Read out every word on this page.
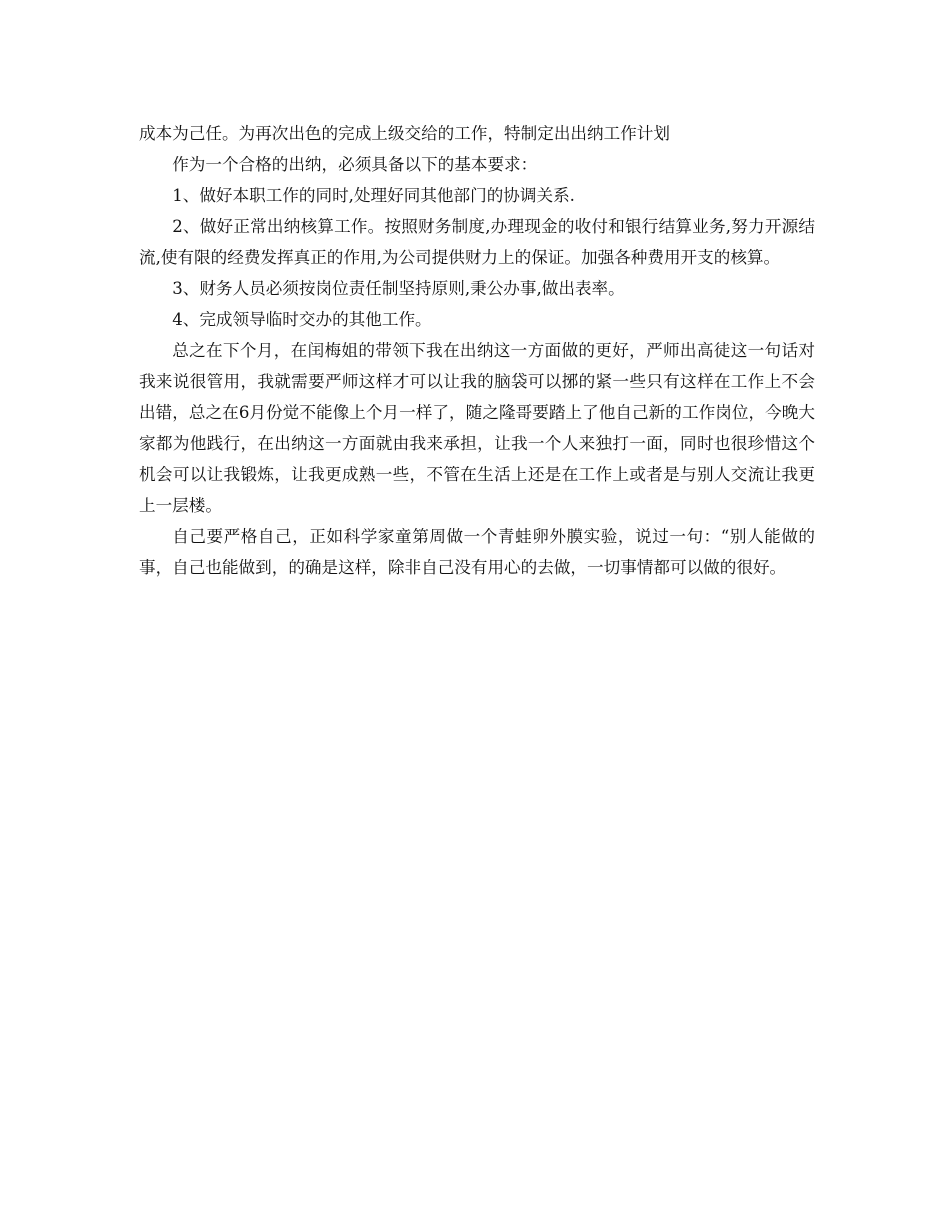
成本为己任。为再次出色的完成上级交给的工作，特制定出出纳工作计划

作为一个合格的出纳，必须具备以下的基本要求：

1、做好本职工作的同时,处理好同其他部门的协调关系.

2、做好正常出纳核算工作。按照财务制度,办理现金的收付和银行结算业务,努力开源结流,使有限的经费发挥真正的作用,为公司提供财力上的保证。加强各种费用开支的核算。

3、财务人员必须按岗位责任制坚持原则,秉公办事,做出表率。

4、完成领导临时交办的其他工作。

总之在下个月，在闰梅姐的带领下我在出纳这一方面做的更好，严师出高徒这一句话对我来说很管用，我就需要严师这样才可以让我的脑袋可以捓的紧一些只有这样在工作上不会出错，总之在6月份觉不能像上个月一样了，随之隆哥要踏上了他自己新的工作岗位，今晚大家都为他践行，在出纳这一方面就由我来承担，让我一个人来独打一面，同时也很珍惜这个机会可以让我锻炼，让我更成熟一些，不管在生活上还是在工作上或者是与别人交流让我更上一层楼。

自己要严格自己，正如科学家童第周做一个青蛙卵外膜实验，说过一句：“别人能做的事，自己也能做到，的确是这样，除非自己没有用心的去做，一切事情都可以做的很好。
